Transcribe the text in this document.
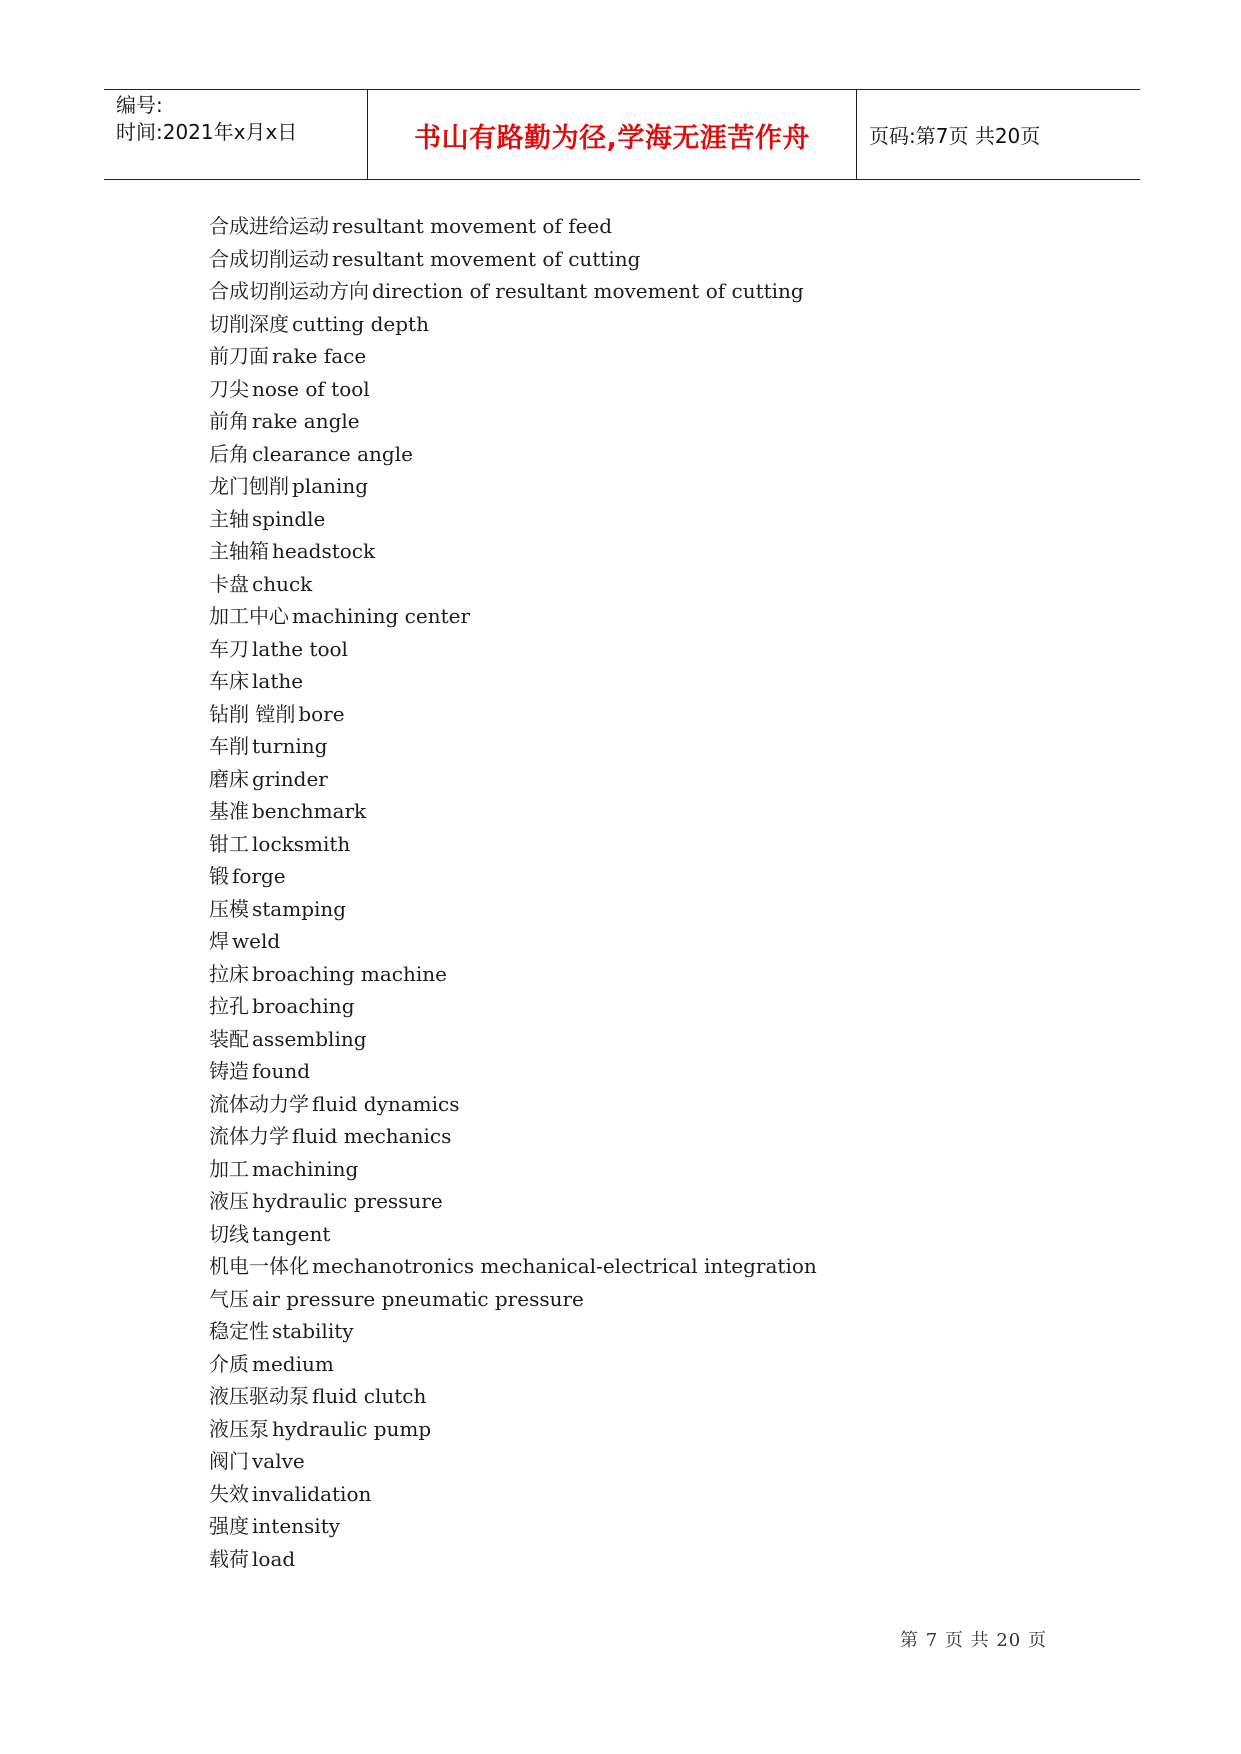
编号:
时间:2021年x月x日	书山有路勤为径,学海无涯苦作舟	页码:第7页 共20页
合成进给运动 resultant movement of feed
合成切削运动 resultant movement of cutting
合成切削运动方向 direction of resultant movement of cutting
切削深度 cutting depth
前刀面 rake face
刀尖 nose of tool
前角 rake angle
后角 clearance angle
龙门刨削 planing
主轴 spindle
主轴箱 headstock
卡盘 chuck
加工中心 machining center
车刀 lathe tool
车床 lathe
钻削 镗削 bore
车削 turning
磨床 grinder
基准 benchmark
钳工 locksmith
锻 forge
压模 stamping
焊 weld
拉床 broaching machine
拉孔 broaching
装配 assembling
铸造 found
流体动力学 fluid dynamics
流体力学 fluid mechanics
加工 machining
液压 hydraulic pressure
切线 tangent
机电一体化 mechanotronics mechanical-electrical integration
气压 air pressure pneumatic pressure
稳定性 stability
介质 medium
液压驱动泵 fluid clutch
液压泵 hydraulic pump
阀门 valve
失效 invalidation
强度 intensity
载荷 load
第 7 页 共 20 页
